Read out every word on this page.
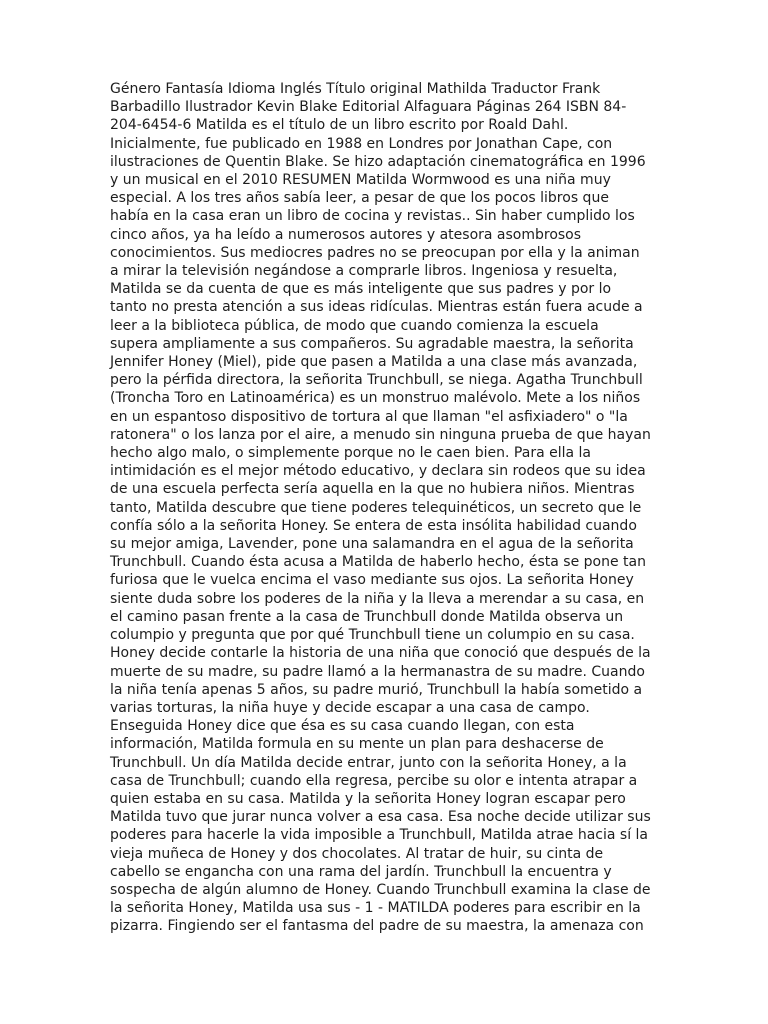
Género Fantasía Idioma Inglés Título original Mathilda Traductor Frank
Barbadillo Ilustrador Kevin Blake Editorial Alfaguara Páginas 264 ISBN 84-
204-6454-6 Matilda es el título de un libro escrito por Roald Dahl.
Inicialmente, fue publicado en 1988 en Londres por Jonathan Cape, con
ilustraciones de Quentin Blake. Se hizo adaptación cinematográfica en 1996
y un musical en el 2010 RESUMEN Matilda Wormwood es una niña muy
especial. A los tres años sabía leer, a pesar de que los pocos libros que
había en la casa eran un libro de cocina y revistas.. Sin haber cumplido los
cinco años, ya ha leído a numerosos autores y atesora asombrosos
conocimientos. Sus mediocres padres no se preocupan por ella y la animan
a mirar la televisión negándose a comprarle libros. Ingeniosa y resuelta,
Matilda se da cuenta de que es más inteligente que sus padres y por lo
tanto no presta atención a sus ideas ridículas. Mientras están fuera acude a
leer a la biblioteca pública, de modo que cuando comienza la escuela
supera ampliamente a sus compañeros. Su agradable maestra, la señorita
Jennifer Honey (Miel), pide que pasen a Matilda a una clase más avanzada,
pero la pérfida directora, la señorita Trunchbull, se niega. Agatha Trunchbull
(Troncha Toro en Latinoamérica) es un monstruo malévolo. Mete a los niños
en un espantoso dispositivo de tortura al que llaman "el asfixiadero" o "la
ratonera" o los lanza por el aire, a menudo sin ninguna prueba de que hayan
hecho algo malo, o simplemente porque no le caen bien. Para ella la
intimidación es el mejor método educativo, y declara sin rodeos que su idea
de una escuela perfecta sería aquella en la que no hubiera niños. Mientras
tanto, Matilda descubre que tiene poderes telequinéticos, un secreto que le
confía sólo a la señorita Honey. Se entera de esta insólita habilidad cuando
su mejor amiga, Lavender, pone una salamandra en el agua de la señorita
Trunchbull. Cuando ésta acusa a Matilda de haberlo hecho, ésta se pone tan
furiosa que le vuelca encima el vaso mediante sus ojos. La señorita Honey
siente duda sobre los poderes de la niña y la lleva a merendar a su casa, en
el camino pasan frente a la casa de Trunchbull donde Matilda observa un
columpio y pregunta que por qué Trunchbull tiene un columpio en su casa.
Honey decide contarle la historia de una niña que conoció que después de la
muerte de su madre, su padre llamó a la hermanastra de su madre. Cuando
la niña tenía apenas 5 años, su padre murió, Trunchbull la había sometido a
varias torturas, la niña huye y decide escapar a una casa de campo.
Enseguida Honey dice que ésa es su casa cuando llegan, con esta
información, Matilda formula en su mente un plan para deshacerse de
Trunchbull. Un día Matilda decide entrar, junto con la señorita Honey, a la
casa de Trunchbull; cuando ella regresa, percibe su olor e intenta atrapar a
quien estaba en su casa. Matilda y la señorita Honey logran escapar pero
Matilda tuvo que jurar nunca volver a esa casa. Esa noche decide utilizar sus
poderes para hacerle la vida imposible a Trunchbull, Matilda atrae hacia sí la
vieja muñeca de Honey y dos chocolates. Al tratar de huir, su cinta de
cabello se engancha con una rama del jardín. Trunchbull la encuentra y
sospecha de algún alumno de Honey. Cuando Trunchbull examina la clase de
la señorita Honey, Matilda usa sus - 1 - MATILDA poderes para escribir en la
pizarra. Fingiendo ser el fantasma del padre de su maestra, la amenaza con
